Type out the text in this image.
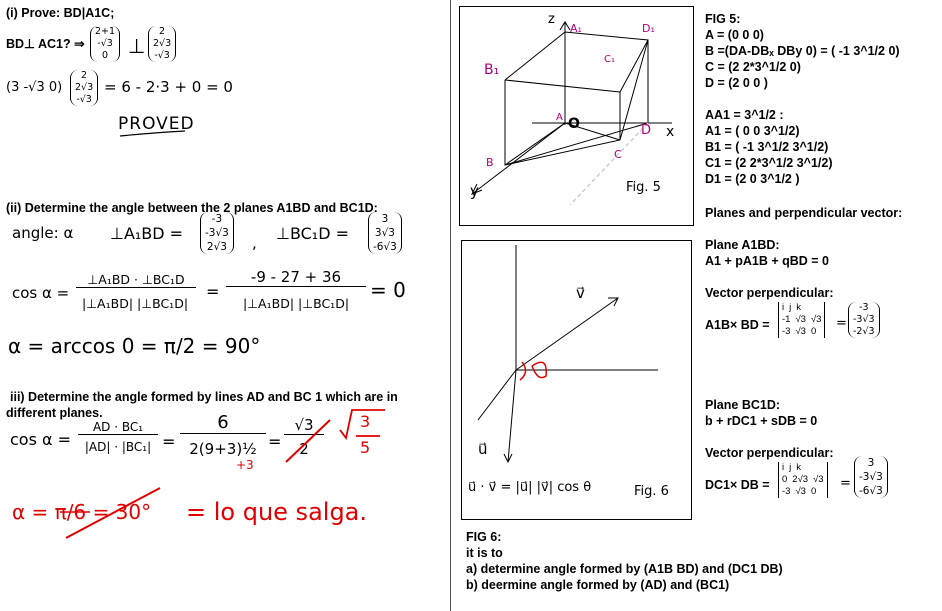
(i) Prove: BD|A1C;
BD⊥ AC1? ⇒
2+1
-√3
0 ⊥
2
2√3
-√3
(3 -√3 0)
2
2√3
-√3
= 6 - 2·3 + 0 = 0
PROVED
(ii) Determine the angle between the 2 planes A1BD and BC1D:
angle: α ⊥A₁BD =
-3
-3√3
2√3 , ⊥BC₁D =
3
3√3
-6√3
cos α =
⊥A₁BD · ⊥BC₁D
|⊥A₁BD| |⊥BC₁D|
=
-9 - 27 + 36
|⊥A₁BD| |⊥BC₁D|
= 0
α = arccos 0 = π/2 = 90°
iii) Determine the angle formed by lines AD and BC 1 which are in
different planes.
cos α =
AD · BC₁
|AD| · |BC₁| =
6
2(9+3)½
+3
=
√3
2
3
5
α = π/6 = 30° = lo que salga.
z
A₁	D₁
B₁
C₁
A O	D x
B
C
y	Fig. 5
v⃗
u⃗
u⃗ · v⃗ = |u⃗| |v⃗| cos θ	Fig. 6
FIG 6:
it is to
a) determine angle formed by (A1B BD) and (DC1 DB)
b) deermine angle formed by (AD) and (BC1)
FIG 5:
A = (0 0 0)
B =(DA-DBₓ DBy 0) = ( -1 3^1/2 0)
C = (2 2*3^1/2 0)
D = (2 0 0 )
AA1 = 3^1/2 :
A1 = ( 0 0 3^1/2)
B1 = ( -1 3^1/2 3^1/2)
C1 = (2 2*3^1/2 3^1/2)
D1 = (2 0 3^1/2 )
Planes and perpendicular vector:
Plane A1BD:
A1 + pA1B + qBD = 0
Vector perpendicular:
A1B× BD =
i j k
-1 √3 √3
-3 √3 0
=
-3
-3√3
-2√3
Plane BC1D:
b + rDC1 + sDB = 0
Vector perpendicular:
DC1× DB =
i j k
0 2√3 √3
-3 √3 0
=
3
-3√3
-6√3
